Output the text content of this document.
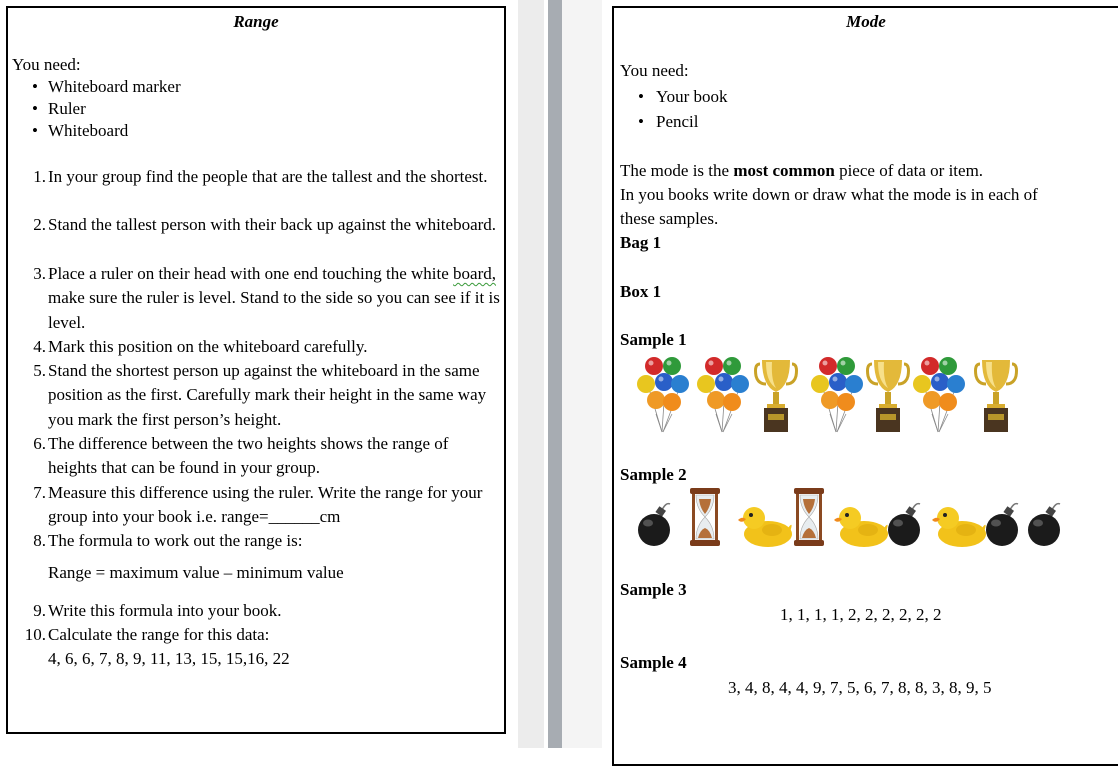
Range
You need:
• Whiteboard marker
• Ruler
• Whiteboard
1. In your group find the people that are the tallest and the shortest.
2. Stand the tallest person with their back up against the whiteboard.
3. Place a ruler on their head with one end touching the white board, make sure the ruler is level. Stand to the side so you can see if it is level.
4. Mark this position on the whiteboard carefully.
5. Stand the shortest person up against the whiteboard in the same position as the first. Carefully mark their height in the same way you mark the first person’s height.
6. The difference between the two heights shows the range of heights that can be found in your group.
7. Measure this difference using the ruler. Write the range for your group into your book i.e. range=______cm
8. The formula to work out the range is:
Range = maximum value – minimum value
9. Write this formula into your book.
10. Calculate the range for this data:
4, 6, 6, 7, 8, 9, 11, 13, 15, 15,16, 22
Mode
You need:
• Your book
• Pencil
The mode is the most common piece of data or item.
In you books write down or draw what the mode is in each of
these samples.
Bag 1
Box 1
Sample 1
Sample 2
Sample 3
1, 1, 1, 1, 2, 2, 2, 2, 2, 2
Sample 4
3, 4, 8, 4, 4, 9, 7, 5, 6, 7, 8, 8, 3, 8, 9, 5
